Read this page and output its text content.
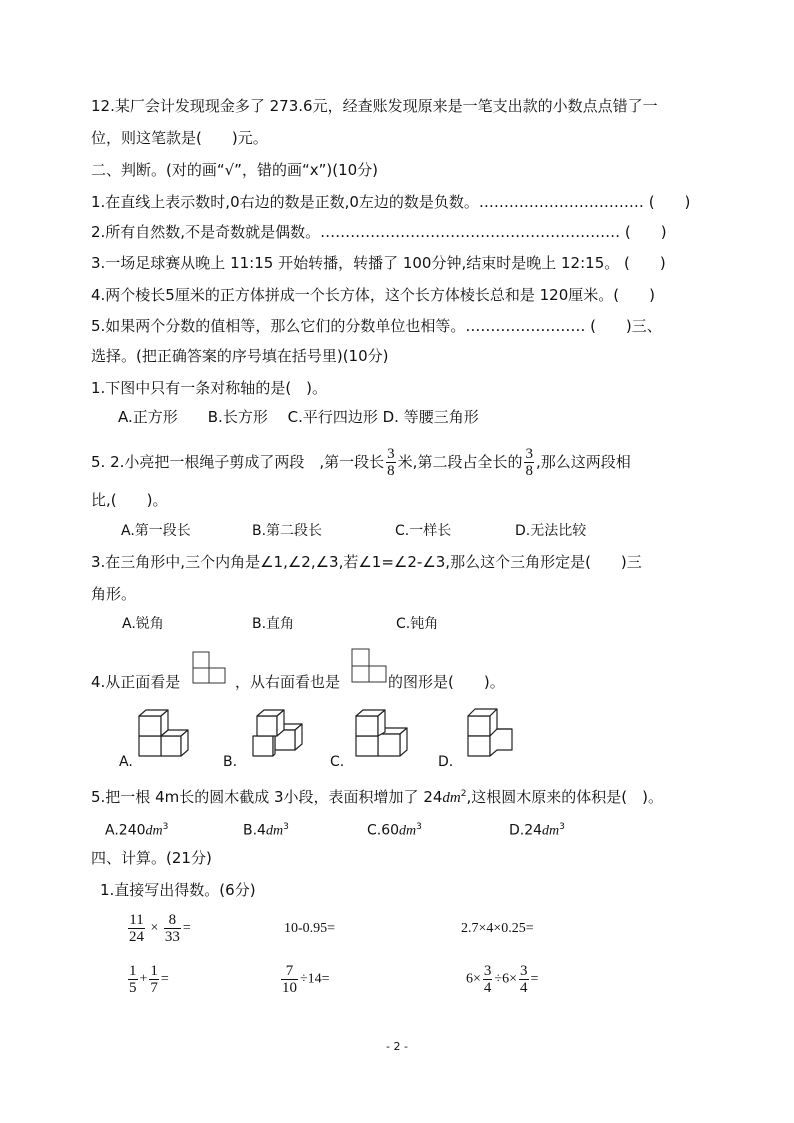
12.某厂会计发现现金多了 273.6元，经查账发现原来是一笔支出款的小数点点错了一
位，则这笔款是(　　)元。
二、判断。(对的画“√”，错的画“x”)(10分)
1.在直线上表示数时,0右边的数是正数,0左边的数是负数。…………………………… (　　)
2.所有自然数,不是奇数就是偶数。…………………………………………………… (　　)
3.一场足球赛从晚上 11:15 开始转播，转播了 100分钟,结束时是晚上 12:15。 (　　)
4.两个棱长5厘米的正方体拼成一个长方体，这个长方体棱长总和是 120厘米。(　　)
5.如果两个分数的值相等，那么它们的分数单位也相等。…………………… (　　)三、
选择。(把正确答案的序号填在括号里)(10分)
1.下图中只有一条对称轴的是(　)。
A.正方形　　B.长方形　 C.平行四边形 D. 等腰三角形
5. 2.小亮把一根绳子剪成了两段　,第一段长 $\frac{3}{8}$ 米,第二段占全长的 $\frac{3}{8}$ ,那么这两段相
比,(　　)。
A.第一段长	B.第二段长	C.一样长	D.无法比较
3.在三角形中,三个内角是∠1,∠2,∠3,若∠1=∠2-∠3,那么这个三角形定是(　　)三
角形。
A.锐角	B.直角	C.钝角
4.从正面看是	，从右面看也是	的图形是(　　)。
A.	B.	C.	D.
5.把一根 4m长的圆木截成 3小段，表面积增加了 $24dm^2$,这根圆木原来的体积是(　)。
$A.240dm^3$	$B.4dm^3$	$C.60dm^3$	$D.24dm^3$
四、计算。(21分)
1.直接写出得数。(6分)
$\frac{11}{24} \times \frac{8}{33}$ =	10-0.95=	2.7×4×0.25=
$\frac{1}{5} + \frac{1}{7}$ =	$\frac{7}{10} \div 14=$	$6\times \frac{3}{4} \div 6\times \frac{3}{4}$ =
- 2 -
